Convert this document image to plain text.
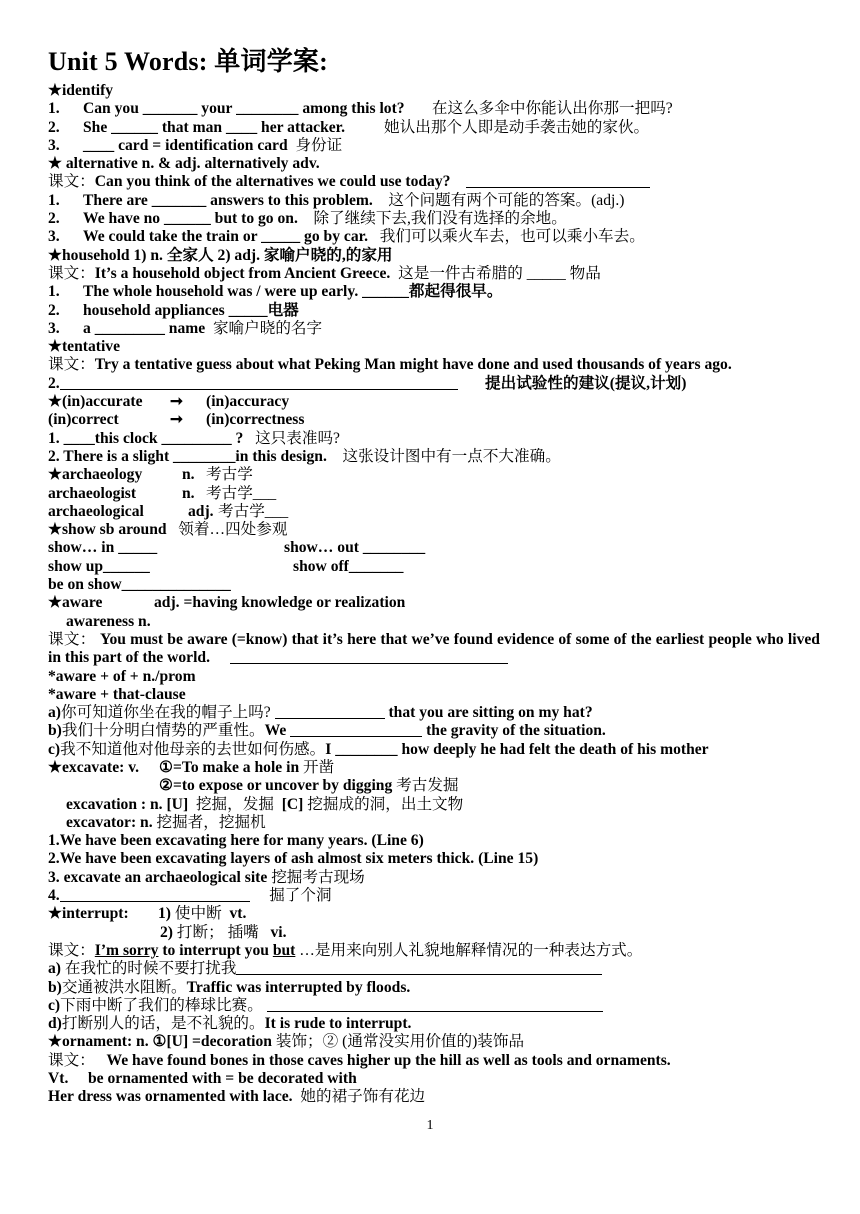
Unit 5 Words: 单词学案:
★identify
1. Can you _______ your ________ among this lot? 在这么多伞中你能认出你那一把吗?
2. She ______ that man ____ her attacker. 她认出那个人即是动手袭击她的家伙。
3. ____ card = identification card 身份证
★ alternative n. & adj. alternatively adv.
课文：Can you think of the alternatives we could use today?
1. There are _______ answers to this problem. 这个问题有两个可能的答案。(adj.)
2. We have no ______ but to go on. 除了继续下去,我们没有选择的余地。
3. We could take the train or _____ go by car. 我们可以乘火车去，也可以乘小车去。
★household 1) n. 全家人 2) adj. 家喻户晓的,的家用
课文：It’s a household object from Ancient Greece. 这是一件古希腊的 _____ 物品
1. The whole household was / were up early. ______都起得很早。
2. household appliances _____电器
3. a _________ name 家喻户晓的名字
★tentative
课文：Try a tentative guess about what Peking Man might have done and used thousands of years ago.
2.	提出试验性的建议(提议,计划)
★(in)accurate ➞ (in)accuracy
(in)correct	➞ (in)correctness
1. ____this clock _________ ? 这只表准吗?
2. There is a slight ________in this design. 这张设计图中有一点不大准确。
★archaeology	n. 考古学
archaeologist	n. 考古学___
archaeological	adj. 考古学___
★show sb around 领着…四处参观
show… in _____	show… out ________
show up______	show off_______
be on show______________
★aware	adj. =having knowledge or realization
awareness n.
课文： You must be aware (=know) that it’s here that we’ve found evidence of some of the earliest people who lived in this part of the world.
*aware + of + n./prom
*aware + that-clause
a)你可知道你坐在我的帽子上吗?	that you are sitting on my hat?
b)我们十分明白情势的严重性。We	the gravity of the situation.
c)我不知道他对他母亲的去世如何伤感。I ________ how deeply he had felt the death of his mother
★excavate: v. ①=To make a hole in 开凿
②=to expose or uncover by digging 考古发掘
excavation : n. [U] 挖掘，发掘 [C] 挖掘成的洞，出土文物
excavator: n. 挖掘者，挖掘机
1.We have been excavating here for many years. (Line 6)
2.We have been excavating layers of ash almost six meters thick. (Line 15)
3. excavate an archaeological site 挖掘考古现场
4.	掘了个洞
★interrupt: 1) 使中断 vt.
2) 打断； 插嘴 vi.
课文：I’m sorry to interrupt you but …是用来向别人礼貌地解释情况的一种表达方式。
a) 在我忙的时候不要打扰我
b)交通被洪水阻断。Traffic was interrupted by floods.
c)下雨中断了我们的棒球比赛。
d)打断别人的话，是不礼貌的。It is rude to interrupt.
★ornament: n. ①[U] =decoration 装饰；② (通常没实用价值的)装饰品
课文： We have found bones in those caves higher up the hill as well as tools and ornaments.
Vt. be ornamented with = be decorated with
Her dress was ornamented with lace. 她的裙子饰有花边
1
